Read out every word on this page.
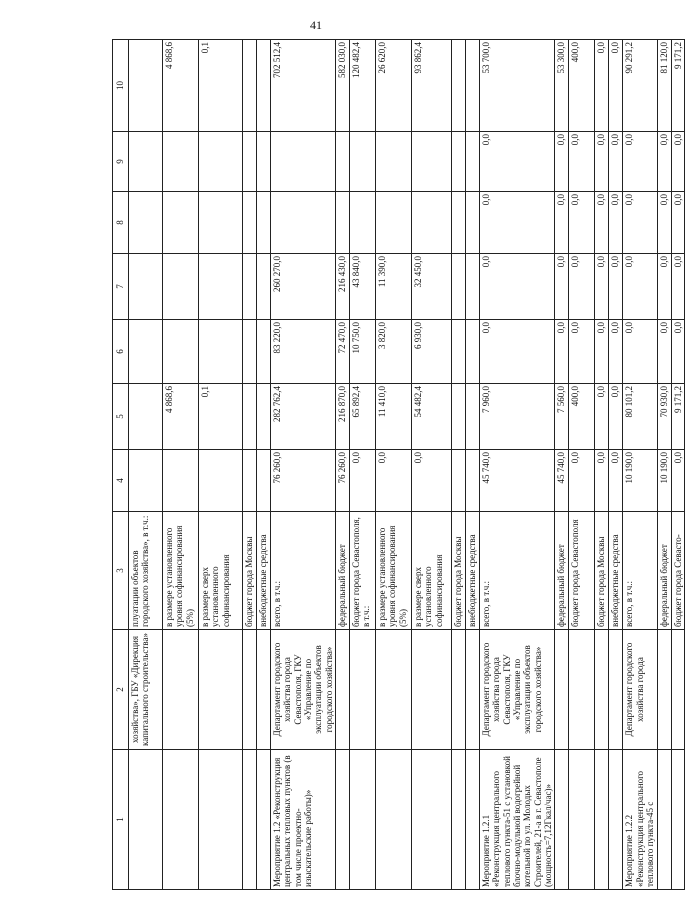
41
1	2	3	4	5	6	7	8	9	10
	хозяйства», ГБУ «Дирекция капитального строительства»	плуатации объектов городского хозяйства», в т.ч.:							
		в размере установленного уровня софинансирования (5%)		4 868,6					4 868,6
		в размере сверх установленного софинансирования		0,1					0,1
		бюджет города Москвы							
		внебюджетные средства							
Мероприятие 1.2 «Реконструкция центральных тепловых пунктов (в том числе проектно-изыскательские работы)»	Департамент городского хозяйства города Севастополя, ГКУ «Управление по эксплуатации объектов городского хозяйства»	всего, в т.ч.:	76 260,0	282 762,4	83 220,0	260 270,0			702 512,4
		федеральный бюджет	76 260,0	216 870,0	72 470,0	216 430,0			582 030,0
		бюджет города Севастополя, в т.ч.:	0,0	65 892,4	10 750,0	43 840,0			120 482,4
		в размере установленного уровня софинансирования (5%)	0,0	11 410,0	3 820,0	11 390,0			26 620,0
		в размере сверх установленного софинансирования	0,0	54 482,4	6 930,0	32 450,0			93 862,4
		бюджет города Москвы							
		внебюджетные средства							
Мероприятие 1.2.1 «Реконструкция центрального теплового пункта-51 с установкой блочно-модульной водогрейной котельной по ул. Молодых Строителей, 21-а в г. Севастополе (мощность=7,12Гкал/час)»	Департамент городского хозяйства города Севастополя, ГКУ «Управление по эксплуатации объектов городского хозяйства»	всего, в т.ч.:	45 740,0	7 960,0	0,0	0,0	0,0	0,0	53 700,0
		федеральный бюджет	45 740,0	7 560,0	0,0	0,0	0,0	0,0	53 300,0
		бюджет города Севастополя	0,0	400,0	0,0	0,0	0,0	0,0	400,0
		бюджет города Москвы	0,0	0,0	0,0	0,0	0,0	0,0	0,0
		внебюджетные средства	0,0	0,0	0,0	0,0	0,0	0,0	0,0
Мероприятие 1.2.2 «Реконструкция центрального теплового пункта-45 с	Департамент городского хозяйства города	всего, в т.ч.:	10 190,0	80 101,2	0,0	0,0	0,0	0,0	90 291,2
		федеральный бюджет	10 190,0	70 930,0	0,0	0,0	0,0	0,0	81 120,0
		бюджет города Севасто-	0,0	9 171,2	0,0	0,0	0,0	0,0	9 171,2
